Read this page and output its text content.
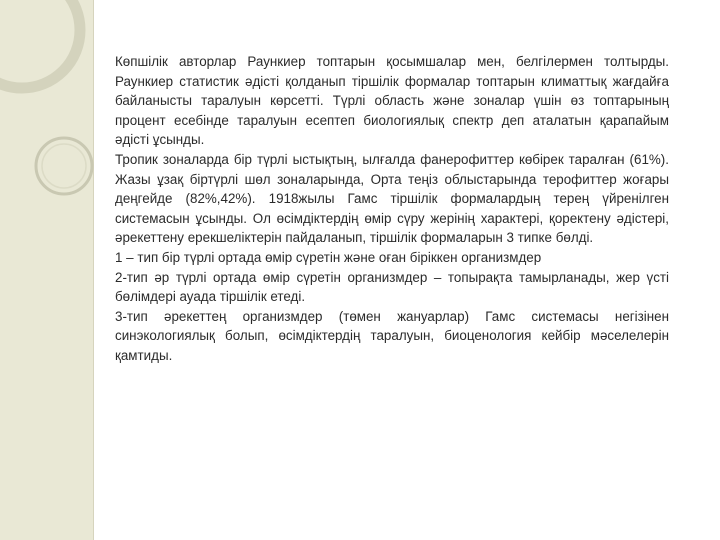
Көпшілік авторлар Раункиер топтарын қосымшалар мен, белгілермен толтырды. Раункиер статистик әдісті қолданып тіршілік формалар топтарын климаттық жағдайға байланысты таралуын көрсетті. Түрлі область және зоналар үшін өз топтарының процент есебінде таралуын есептеп биологиялық спектр деп аталатын қарапайым әдісті ұсынды.

Тропик зоналарда бір түрлі ыстықтың, ылғалда фанерофиттер көбірек таралған (61%). Жазы ұзақ біртүрлі шөл зоналарында, Орта теңіз облыстарында терофиттер жоғары деңгейде (82%,42%). 1918жылы Гамс тіршілік формалардың терең үйренілген системасын ұсынды. Ол өсімдіктердің өмір сүру жерінің характері, қоректену әдістері, әрекеттену ерекшеліктерін пайдаланып, тіршілік формаларын 3 типке бөлді.

1 – тип бір түрлі ортада өмір сүретін және оған біріккен организмдер

2-тип әр түрлі ортада өмір сүретін организмдер – топырақта тамырланады, жер үсті бөлімдері ауада тіршілік етеді.

3-тип әрекеттең организмдер (төмен жануарлар) Гамс системасы негізінен синэкологиялық болып, өсімдіктердің таралуын, биоценология кейбір мәселелерін қамтиды.
